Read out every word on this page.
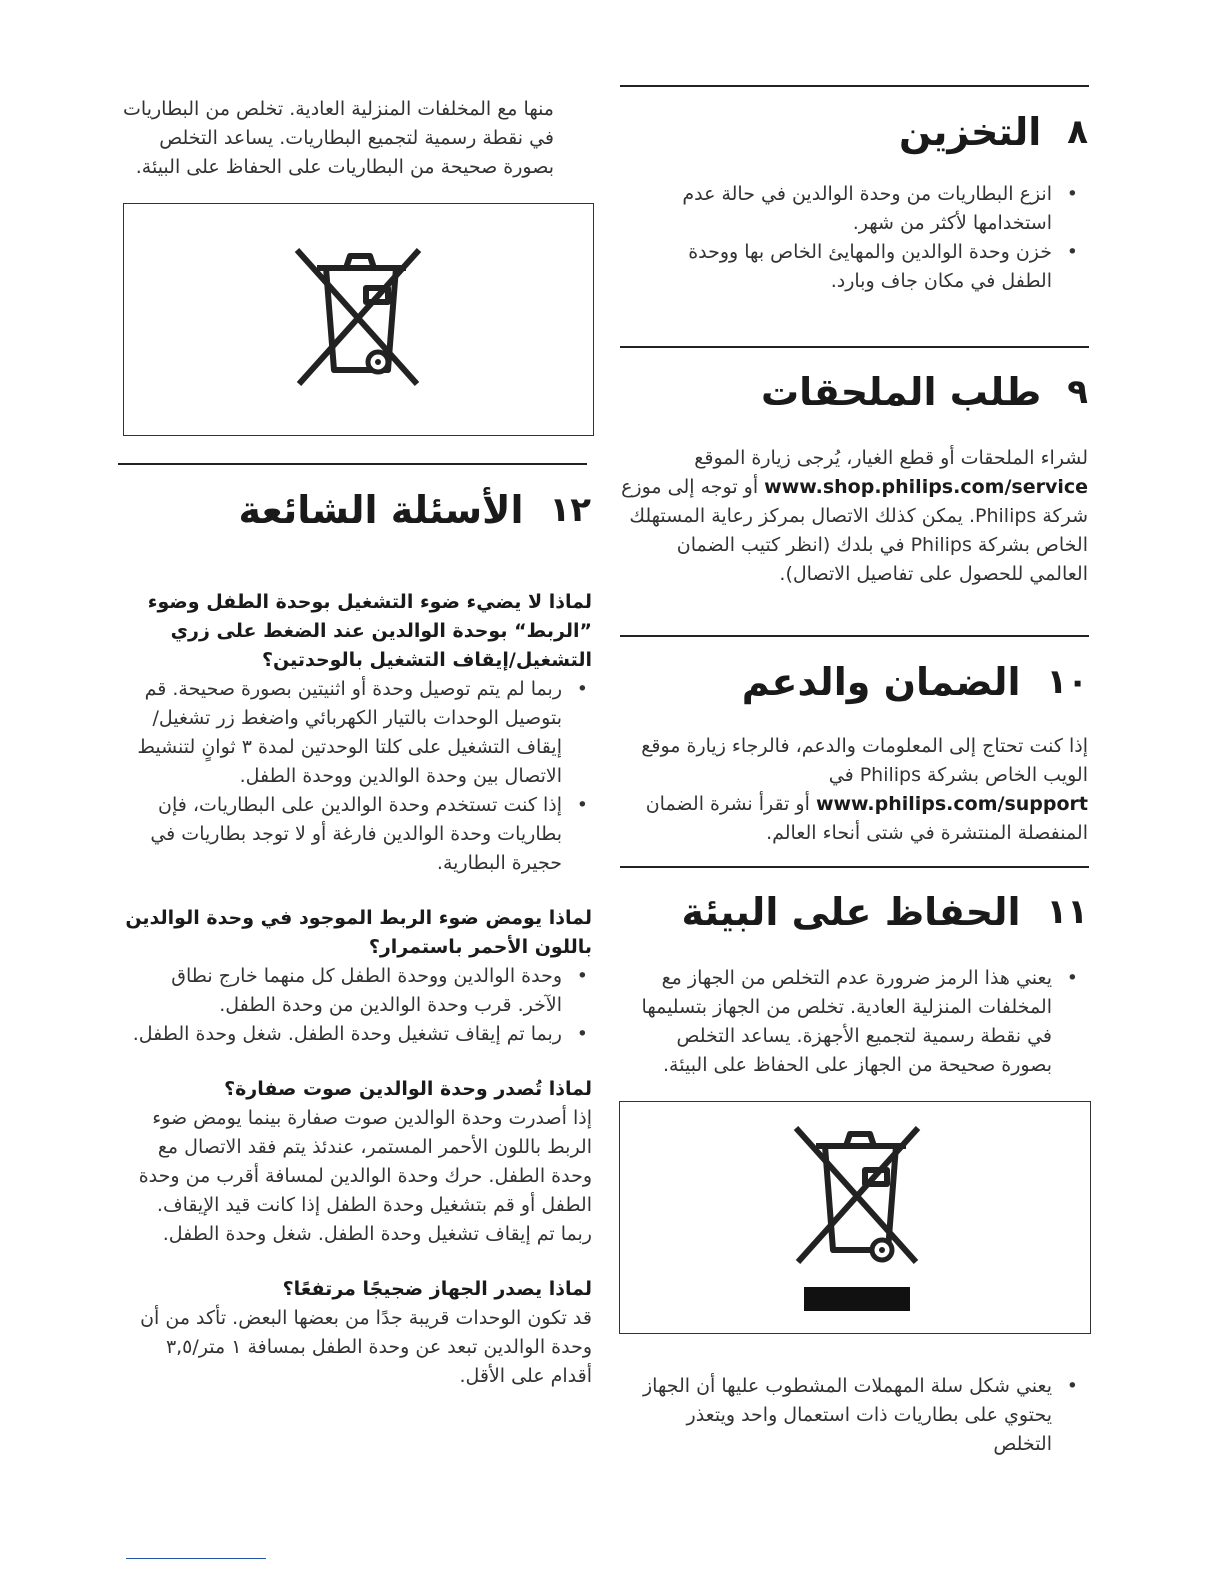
٨
التخزين
• انزع البطاريات من وحدة الوالدين في حالة عدم استخدامها لأكثر من شهر.
• خزن وحدة الوالدين والمهايئ الخاص بها ووحدة الطفل في مكان جاف وبارد.
٩
طلب الملحقات
لشراء الملحقات أو قطع الغيار، يُرجى زيارة الموقع www.shop.philips.com/service أو توجه إلى موزع شركة Philips. يمكن كذلك الاتصال بمركز رعاية المستهلك الخاص بشركة Philips في بلدك (انظر كتيب الضمان العالمي للحصول على تفاصيل الاتصال).
١٠
الضمان والدعم
إذا كنت تحتاج إلى المعلومات والدعم، فالرجاء زيارة موقع الويب الخاص بشركة Philips في www.philips.com/support أو تقرأ نشرة الضمان المنفصلة المنتشرة في شتى أنحاء العالم.
١١
الحفاظ على البيئة
• يعني هذا الرمز ضرورة عدم التخلص من الجهاز مع المخلفات المنزلية العادية. تخلص من الجهاز بتسليمها في نقطة رسمية لتجميع الأجهزة. يساعد التخلص بصورة صحيحة من الجهاز على الحفاظ على البيئة.
• يعني شكل سلة المهملات المشطوب عليها أن الجهاز يحتوي على بطاريات ذات استعمال واحد ويتعذر التخلص

منها مع المخلفات المنزلية العادية. تخلص من البطاريات في نقطة رسمية لتجميع البطاريات. يساعد التخلص بصورة صحيحة من البطاريات على الحفاظ على البيئة.

١٢
الأسئلة الشائعة

لماذا لا يضيء ضوء التشغيل بوحدة الطفل وضوء ”الربط“ بوحدة الوالدين عند الضغط على زري التشغيل/إيقاف التشغيل بالوحدتين؟

• ربما لم يتم توصيل وحدة أو اثنيتين بصورة صحيحة. قم بتوصيل الوحدات بالتيار الكهربائي واضغط زر تشغيل/إيقاف التشغيل على كلتا الوحدتين لمدة ٣ ثوانٍ لتنشيط الاتصال بين وحدة الوالدين ووحدة الطفل.
• إذا كنت تستخدم وحدة الوالدين على البطاريات، فإن بطاريات وحدة الوالدين فارغة أو لا توجد بطاريات في حجيرة البطارية.

لماذا يومض ضوء الربط الموجود في وحدة الوالدين باللون الأحمر باستمرار؟

• وحدة الوالدين ووحدة الطفل كل منهما خارج نطاق الآخر. قرب وحدة الوالدين من وحدة الطفل.
• ربما تم إيقاف تشغيل وحدة الطفل. شغل وحدة الطفل.

لماذا تُصدر وحدة الوالدين صوت صفارة؟

إذا أصدرت وحدة الوالدين صوت صفارة بينما يومض ضوء الربط باللون الأحمر المستمر، عندئذ يتم فقد الاتصال مع وحدة الطفل. حرك وحدة الوالدين لمسافة أقرب من وحدة الطفل أو قم بتشغيل وحدة الطفل إذا كانت قيد الإيقاف.

ربما تم إيقاف تشغيل وحدة الطفل. شغل وحدة الطفل.

لماذا يصدر الجهاز ضجيجًا مرتفعًا؟

قد تكون الوحدات قريبة جدًا من بعضها البعض. تأكد من أن وحدة الوالدين تبعد عن وحدة الطفل بمسافة ١ متر/٣,٥ أقدام على الأقل.
